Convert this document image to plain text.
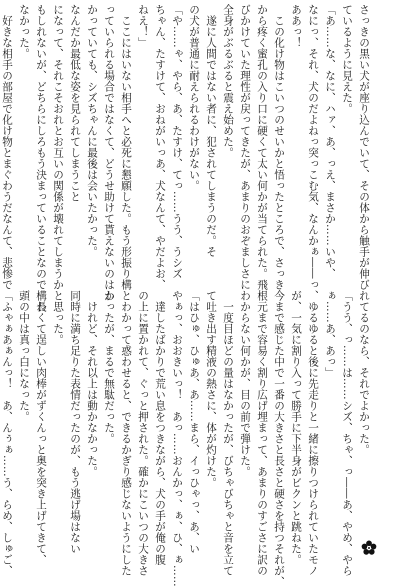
さっきの黒い犬が座り込んでいて、その体から触手が伸び
ているように見えた。
「あ……な、なに、ハァ、あ、っえ、まさか……いや、
なにっ、それ、犬のだよねっ突っこむ気、なんかぁ――っ、
ああっ！
　この化け物はこいつのせいかと悟ったところで、さっき
から疼く蜜孔の入り口に硬くて太い何かが当てられた。飛
びかけていた理性が戻ってきたが、あまりのおぞましさに
全身がぶるぶると震え始めた。
　遂に人間ではない者に、犯されてしまうのだ。そ
の犬が普通に耐えられるわけがない。
「や……ゃ、やら、あ、たすけ、てっ……うう、うシズ
ちゃん、たすけて、おねがいっあ、犬なんて、やだよお、
ねえ！」
　ここにはいない相手へと必死に懇願した。もう形振り構
っていられる場合ではなくて、どうせ助けて貰えないのはわ
かっていても、シズちゃんに最後は会いたかった。
なんだか最低な姿を見られてしまうこと
になって、それこそおれとお互いの関係が壊れてしまうか
もしれないが、どちらにしろもう決まっていることなので構わ
なかった。
　好きな相手の部屋で化け物とまぐわうだなんて、悲惨で
れてるのなら、それでよかった。
「うう、っ……は……シズ、ちゃ、っ――あ、やめ、やら
ぁ……あ、あっ」
　ゆるゆると後に先走りと一緒に擦りつけられていたモノ
が、一気に割り入って勝手に下半身がビクンと跳ねた。
今まで感じた中で一番の大きさと長さと硬さを持つそれが、
根元まで容易く割り広げ埋まって、あまりのすごさに訳の
わからない何かが、目の前で弾けた。
　一度目ほどの量はなかったが、びちゃびちゃと音を立て
て吐き出す精液の熱さに、体が灼けた。
「はひゅ、ひゅあ、あ……まら、イっひゃっ、あ、い
やぁっ、おおきいっ！　あっ……おんかっ、ぁ、ひ、ぁ……
　達したばかりで荒い息をつきながら、犬の手が俺の腹
の上に置かれて、ぐっと押された。確かにこいつの大きさ
とわかって惑わせると、できるかぎり感じないようにした
かったが、まるで無駄だった。
　けれど、それ以上は動かなかった。
同時に満ち足りた表情だったのが、もう逃げ場はない
と思った。
　長くて逞しい肉棒がずくんっと奥を突き上げてきて、
頭の中は真っ白になった。
「ふゃぁあぁんっ！　あ、んぅぁ……う、らめ、しゅご、
